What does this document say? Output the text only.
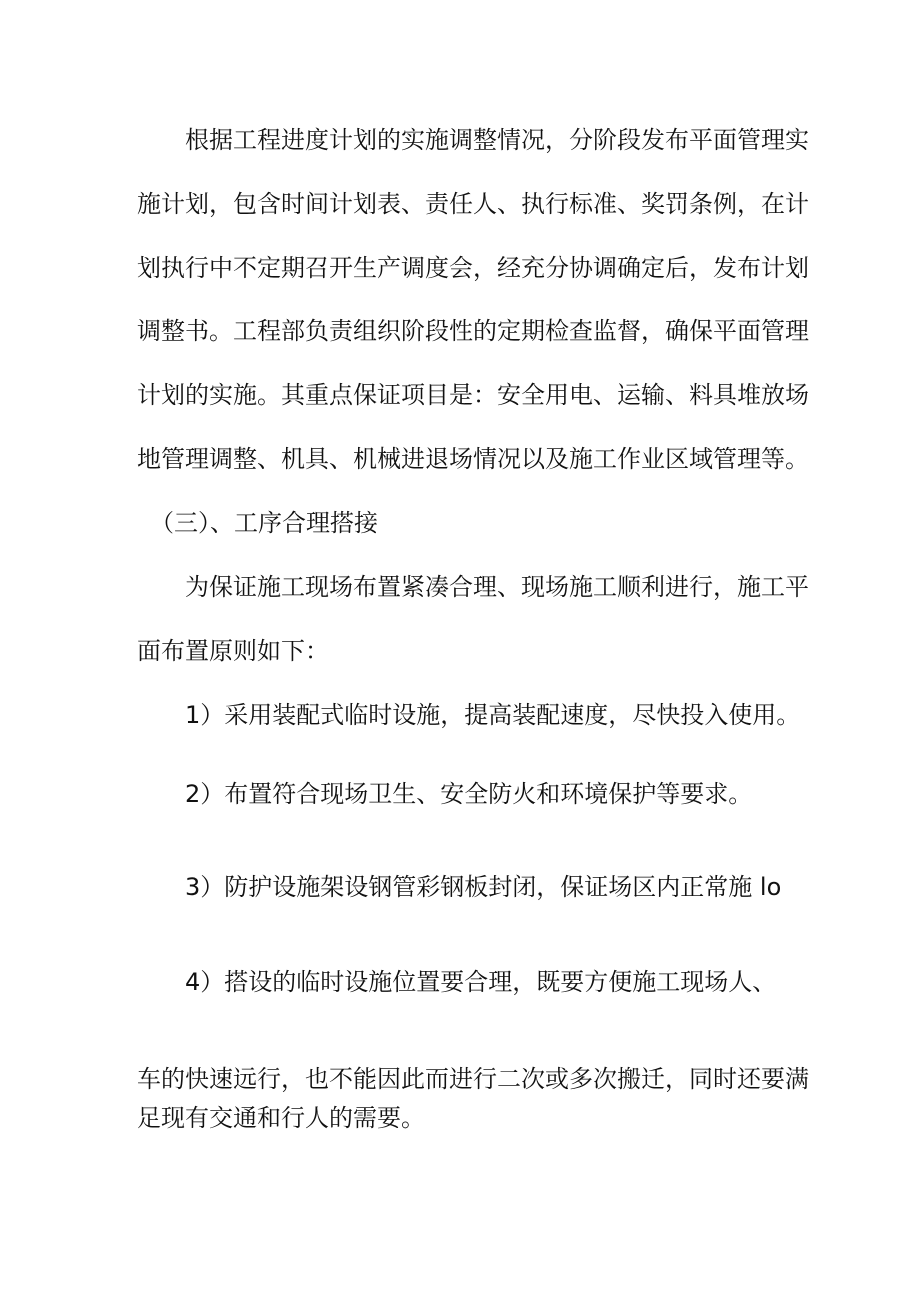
根据工程进度计划的实施调整情况，分阶段发布平面管理实
施计划，包含时间计划表、责任人、执行标准、奖罚条例，在计
划执行中不定期召开生产调度会，经充分协调确定后，发布计划
调整书。工程部负责组织阶段性的定期检查监督，确保平面管理
计划的实施。其重点保证项目是：安全用电、运输、料具堆放场
地管理调整、机具、机械进退场情况以及施工作业区域管理等。
（三）、工序合理搭接
为保证施工现场布置紧凑合理、现场施工顺利进行，施工平
面布置原则如下：
1）采用装配式临时设施，提高装配速度，尽快投入使用。
2）布置符合现场卫生、安全防火和环境保护等要求。
3）防护设施架设钢管彩钢板封闭，保证场区内正常施 lo
4）搭设的临时设施位置要合理，既要方便施工现场人、
车的快速远行，也不能因此而进行二次或多次搬迁，同时还要满
足现有交通和行人的需要。
